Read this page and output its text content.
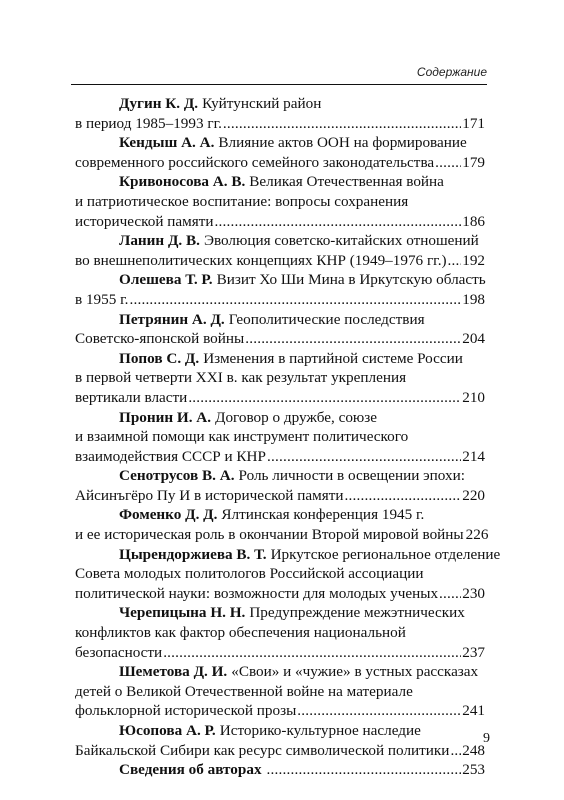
Содержание
Дугин К. Д. Куйтунский район
в период 1985–1993 гг. .....	171
Кендыш А. А. Влияние актов ООН на формирование
современного российского семейного законодательства ..... 179
Кривоносова А. В. Великая Отечественная война
и патриотическое воспитание: вопросы сохранения
исторической памяти .....	186
Ланин Д. В. Эволюция советско-китайских отношений
во внешнеполитических концепциях КНР (1949–1976 гг.) ..... 192
Олешева Т. Р. Визит Хо Ши Мина в Иркутскую область
в 1955 г. .....	198
Петрянин А. Д. Геополитические последствия
Советско-японской войны .....	204
Попов С. Д. Изменения в партийной системе России
в первой четверти XXI в. как результат укрепления
вертикали власти .....	210
Пронин И. А. Договор о дружбе, союзе
и взаимной помощи как инструмент политического
взаимодействия СССР и КНР .....	214
Сенотрусов В. А. Роль личности в освещении эпохи:
Айсинъгёро Пу И в исторической памяти .....	220
Фоменко Д. Д. Ялтинская конференция 1945 г.
и ее историческая роль в окончании Второй мировой войны 226
Цырендоржиева В. Т. Иркутское региональное отделение
Совета молодых политологов Российской ассоциации
политической науки: возможности для молодых ученых ..... 230
Черепицына Н. Н. Предупреждение межэтнических
конфликтов как фактор обеспечения национальной
безопасности .....	237
Шеметова Д. И. «Свои» и «чужие» в устных рассказах
детей о Великой Отечественной войне на материале
фольклорной исторической прозы .....	241
Юсопова А. Р. Историко-культурное наследие
Байкальской Сибири как ресурс символической политики ..... 248
Сведения об авторах .....	253
9
